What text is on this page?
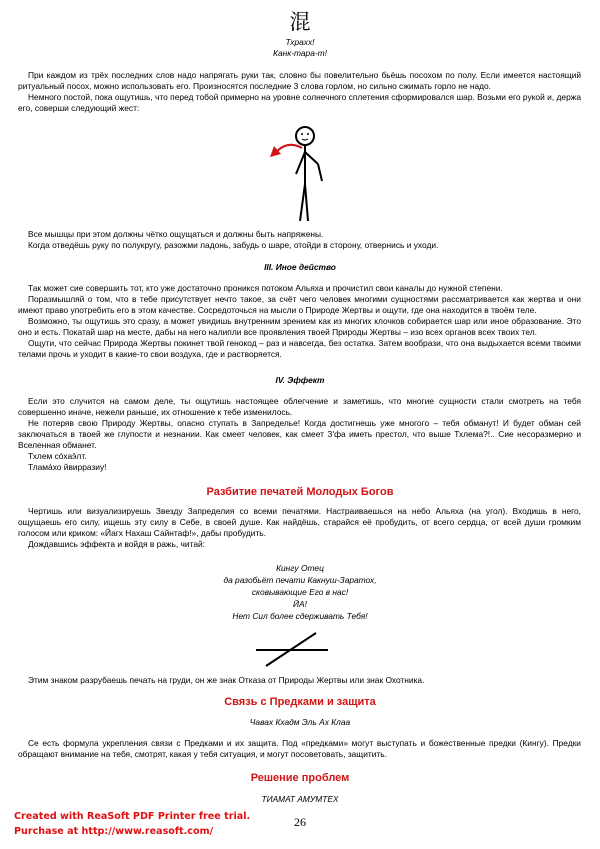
混
Тхрахх!
Канк-тара-т!

При каждом из трёх последних слов надо напрягать руки так, словно бы повелительно бьёшь посохом по полу. Если имеется настоящий ритуальный посох, можно использовать его. Произносятся последние 3 слова горлом, но сильно сжимать горло не надо.

Немного постой, пока ощутишь, что перед тобой примерно на уровне солнечного сплетения сформировался шар. Возьми его рукой и, держа его, соверши следующий жест:

Все мышцы при этом должны чётко ощущаться и должны быть напряжены.

Когда отведёшь руку по полукругу, разожми ладонь, забудь о шаре, отойди в сторону, отвернись и уходи.

III. Иное действо

Так может сие совершить тот, кто уже достаточно проникся потоком Альяха и прочистил свои каналы до нужной степени.

Поразмышляй о том, что в тебе присутствует нечто такое, за счёт чего человек многими сущностями рассматривается как жертва и они имеют право употребить его в этом качестве. Сосредоточься на мысли о Природе Жертвы и ощути, где она находится в твоём теле.

Возможно, ты ощутишь это сразу, а может увидишь внутренним зрением как из многих клочков собирается шар или иное образование. Это оно и есть. Покатай шар на месте, дабы на него налипли все проявления твоей Природы Жертвы – изо всех органов всех твоих тел.

Ощути, что сейчас Природа Жертвы покинет твой генокод – раз и навсегда, без остатка. Затем вообрази, что она выдыхается всеми твоими телами прочь и уходит в какие-то свои воздуха, где и растворяется.

IV. Эффект

Если это случится на самом деле, ты ощутишь настоящее облегчение и заметишь, что многие сущности стали смотреть на тебя совершенно иначе, нежели раньше, их отношение к тебе изменилось.

Не потеряв свою Природу Жертвы, опасно ступать в Запределье! Когда достигнешь уже многого – тебя обманут! И будет обман сей заключаться в твоей же глупости и незнании. Как смеет человек, как смеет З'фа иметь престол, что выше Тхлема?!.. Сие несоразмерно и Вселенная обманет.

Тхлем сóхаэ̄лт.

Тлама́хо йвирразиу!

Разбитие печатей Молодых Богов

Чертишь или визуализируешь Звезду Запределия со всеми печатями. Настраиваешься на небо Альяха (на угол). Входишь в него, ощущаешь его силу, ищешь эту силу в Себе, в своей душе. Как найдёшь, старайся её пробудить, от всего сердца, от всей души громким голосом или криком: «Йагх Нахаш Сайнтаф!», дабы пробудить.

Дождавшись эффекта и войдя в ражь, читай:

Кингу Отец
да разобьёт печати Какнуш-Заратох,
сковывающие Его в нас!
ЙА!
Нет Сил более сдерживать Тебя!

Этим знаком разрубаешь печать на груди, он же знак Отказа от Природы Жертвы или знак Охотника.

Связь с Предками и защита
Чавах Кхадм Эль Ах Клаа

Се есть формула укрепления связи с Предками и их защита. Под «предками» могут выступать и божественные предки (Кингу). Предки обращают внимание на тебя, смотрят, какая у тебя ситуация, и могут посоветовать, защитить.

Решение проблем
ТИАМАТ АМУМТЕХ
26
Created with ReaSoft PDF Printer free trial.
Purchase at http://www.reasoft.com/
